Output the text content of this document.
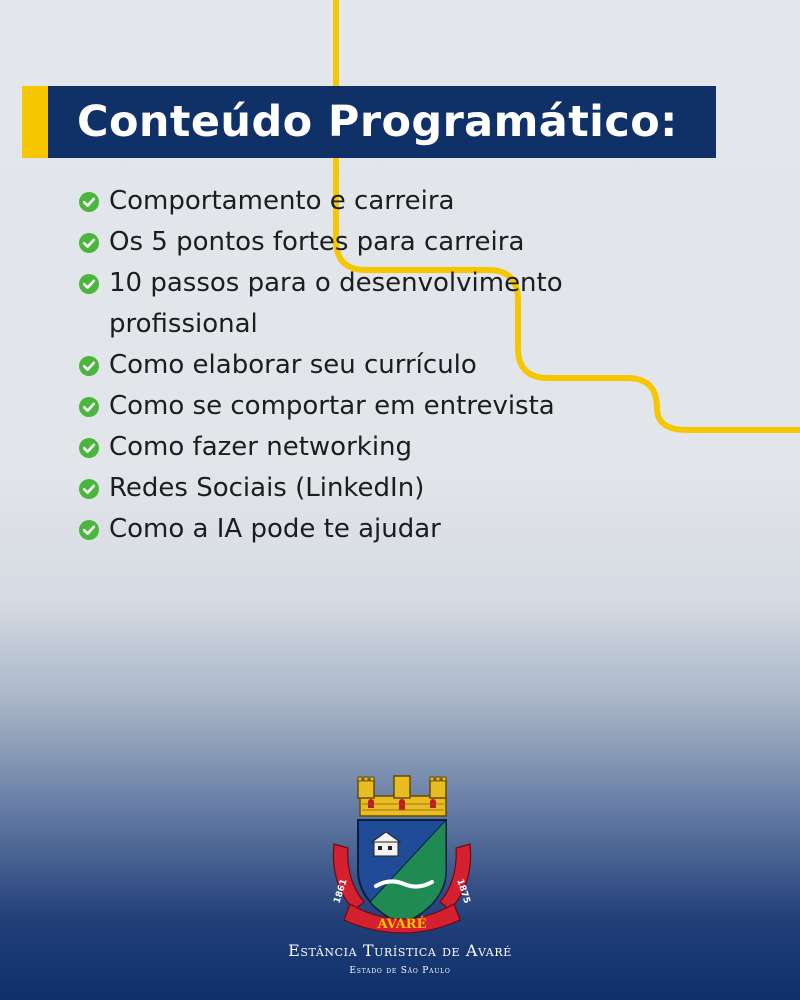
Conteúdo Programático:
Comportamento e carreira
Os 5 pontos fortes para carreira
10 passos para o desenvolvimento profissional
Como elaborar seu currículo
Como se comportar em entrevista
Como fazer networking
Redes Sociais (LinkedIn)
Como a IA pode te ajudar
AVARÉ
1861	1875
Estância Turística de Avaré
Estado de São Paulo
